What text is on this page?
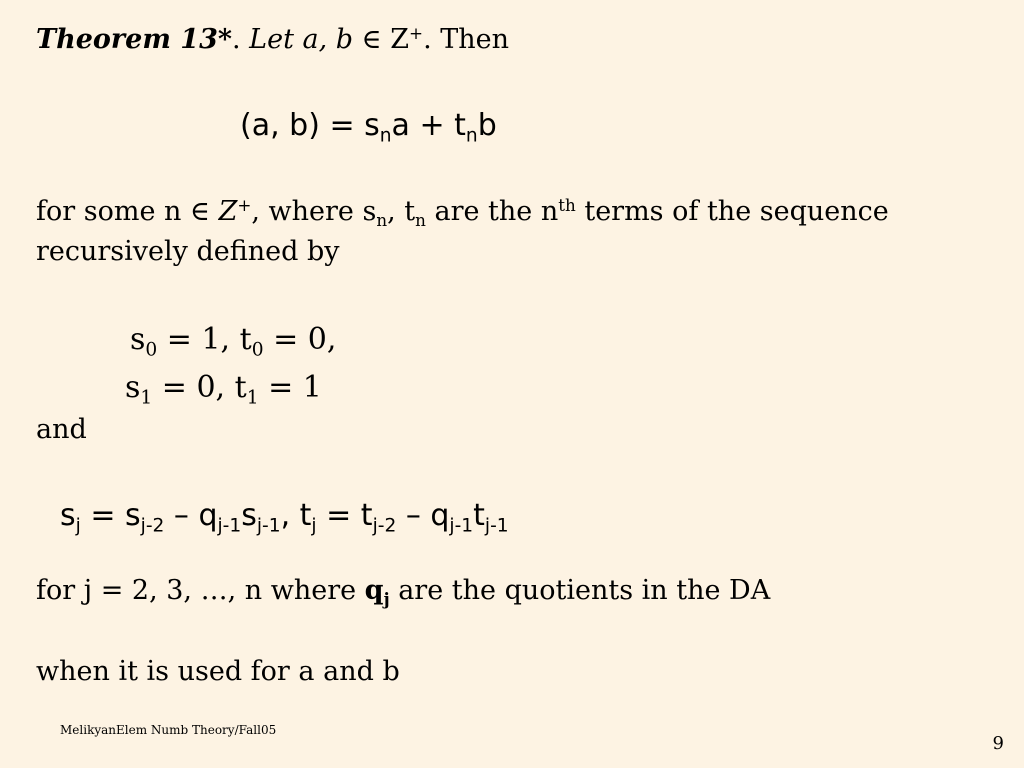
Theorem 13*. Let a, b ∈ Z+. Then
(a, $b) = s_na + t_nb$
for some n ∈ Z+, where $s_n$, $t_n$ are the $n^{th}$ terms of the sequence
recursively defined by
$s_0 = 1$, $t_0 = 0$,
$s_1 = 0$, $t_1 = 1$
and
$s_j = s_{j-2} - q_{j-1}s_{j-1}$, $t_j = t_{j-2} - q_{j-1}t_{j-1}$
for j = 2, 3, …, n where $q_j$ are the quotients in the DA
when it is used for a and b
MelikyanElem Numb Theory/Fall05
9
